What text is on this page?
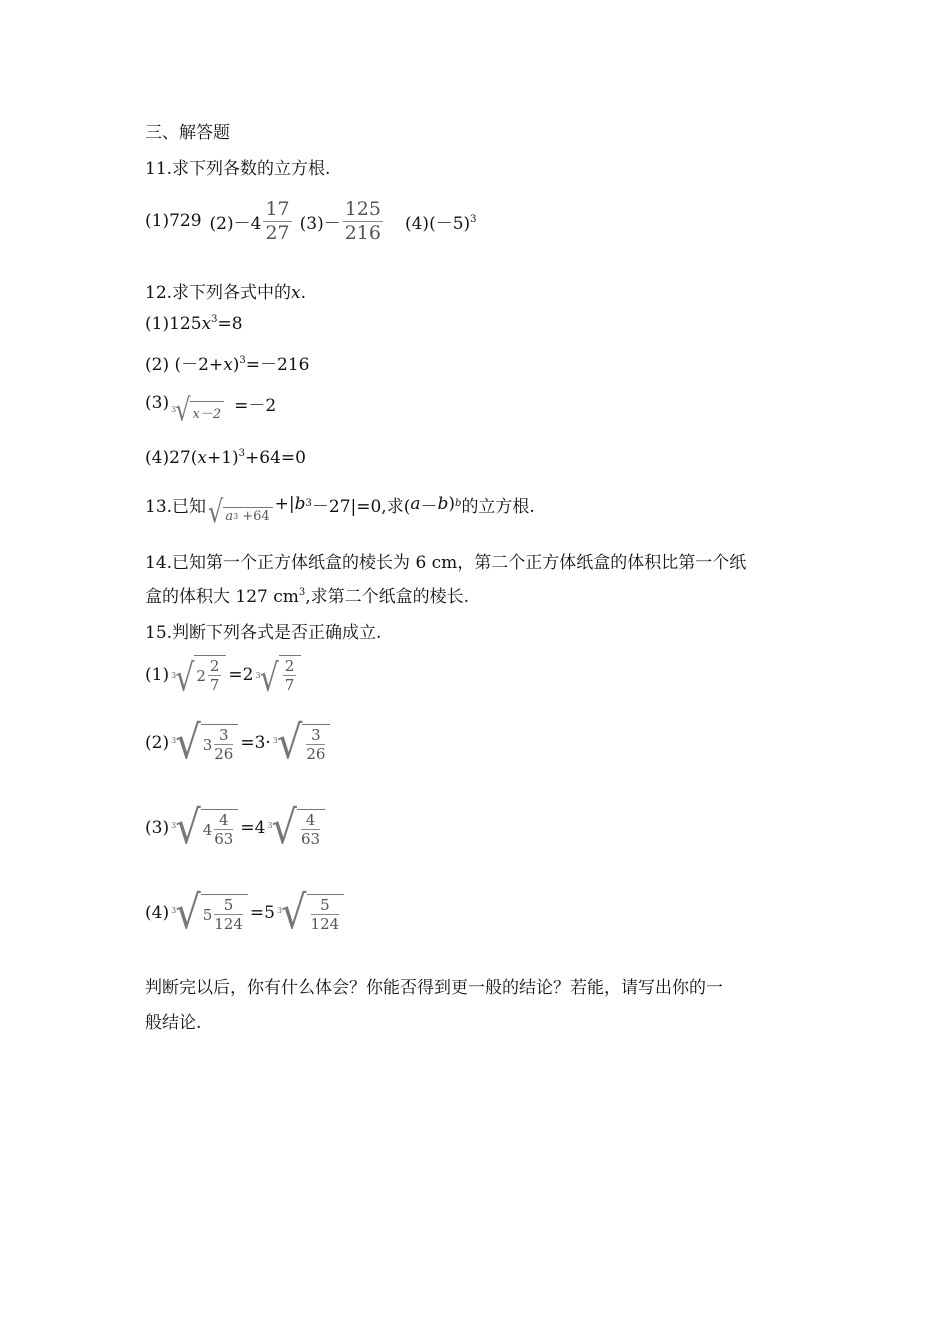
三、解答题
11.求下列各数的立方根.
(1)729 $(2)-4 \frac{17}{27} (3)- \frac{125}{216} (4)(-5)^3$
12.求下列各式中的x.
$(1)125x^3=8$
(2) $(-2+x)^3=-216$
(3) 3 √ x－2 =－2
$(4)27(x+1)^3+64=0$
13.已知 √ a 3 +64
+| b 3 －27|=0,求( a － b ) b 的立方根.
14.已知第一个正方体纸盒的棱长为 6 cm，第二个正方体纸盒的体积比第一个纸
盒的体积大 127 $cm^3$,求第二个纸盒的棱长.
15.判断下列各式是否正确成立.
(1) 3 √ $2 \frac{2}{7} =2$ 3 √ $\frac{2}{7}$
(2) 3 √ $3 \frac{3}{26} =3\cdot 3$ √ $\frac{3}{26}$
(3) 3 √ $4 \frac{4}{63} =4$ 3 √ $\frac{4}{63}$
(4) 3 √ $5 \frac{5}{124} =5$ 3 √ $\frac{5}{124}$
判断完以后，你有什么体会？你能否得到更一般的结论？若能，请写出你的一
般结论.
